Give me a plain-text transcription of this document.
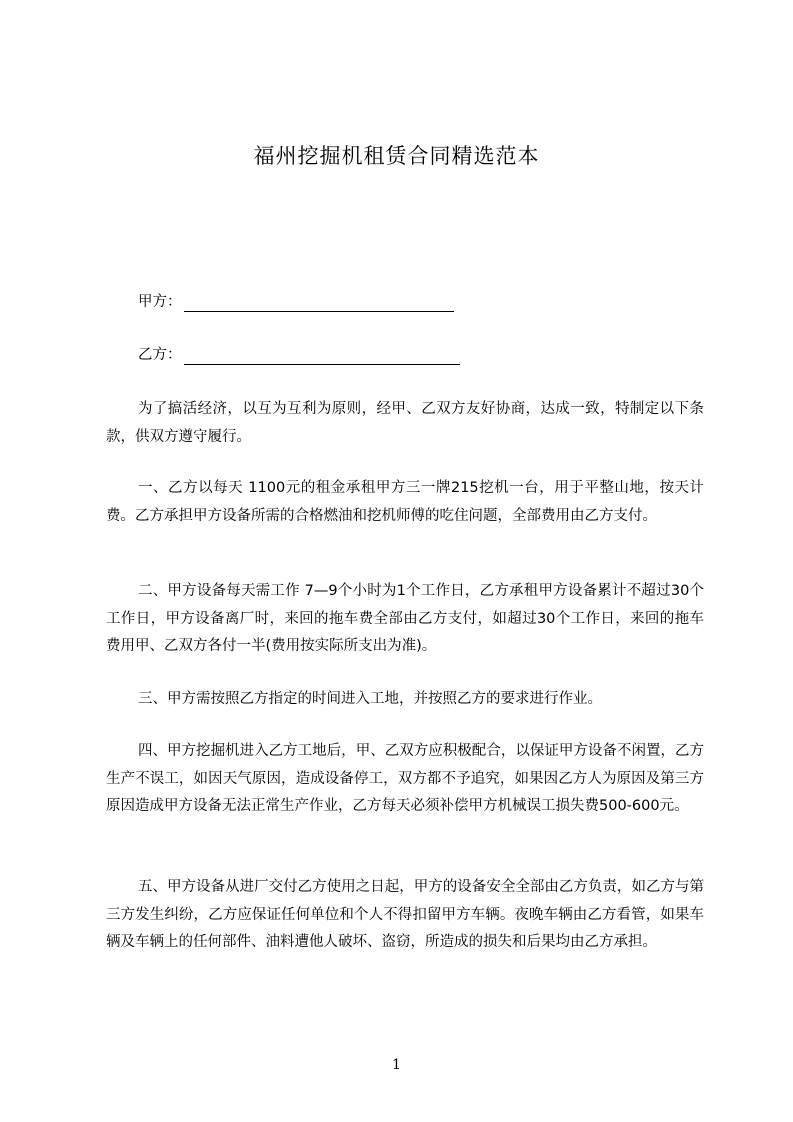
福州挖掘机租赁合同精选范本
甲方：
乙方：

为了搞活经济，以互为互利为原则，经甲、乙双方友好协商，达成一致，特制定以下条款，供双方遵守履行。

一、乙方以每天 1100元的租金承租甲方三一牌215挖机一台，用于平整山地，按天计费。乙方承担甲方设备所需的合格燃油和挖机师傅的吃住问题，全部费用由乙方支付。

二、甲方设备每天需工作 7—9个小时为1个工作日，乙方承租甲方设备累计不超过30个工作日，甲方设备离厂时，来回的拖车费全部由乙方支付，如超过30个工作日，来回的拖车费用甲、乙双方各付一半(费用按实际所支出为准)。

三、甲方需按照乙方指定的时间进入工地，并按照乙方的要求进行作业。

四、甲方挖掘机进入乙方工地后，甲、乙双方应积极配合，以保证甲方设备不闲置，乙方生产不误工，如因天气原因，造成设备停工，双方都不予追究，如果因乙方人为原因及第三方原因造成甲方设备无法正常生产作业，乙方每天必须补偿甲方机械误工损失费500-600元。

五、甲方设备从进厂交付乙方使用之日起，甲方的设备安全全部由乙方负责，如乙方与第三方发生纠纷，乙方应保证任何单位和个人不得扣留甲方车辆。夜晚车辆由乙方看管，如果车辆及车辆上的任何部件、油料遭他人破坏、盗窃，所造成的损失和后果均由乙方承担。

1
